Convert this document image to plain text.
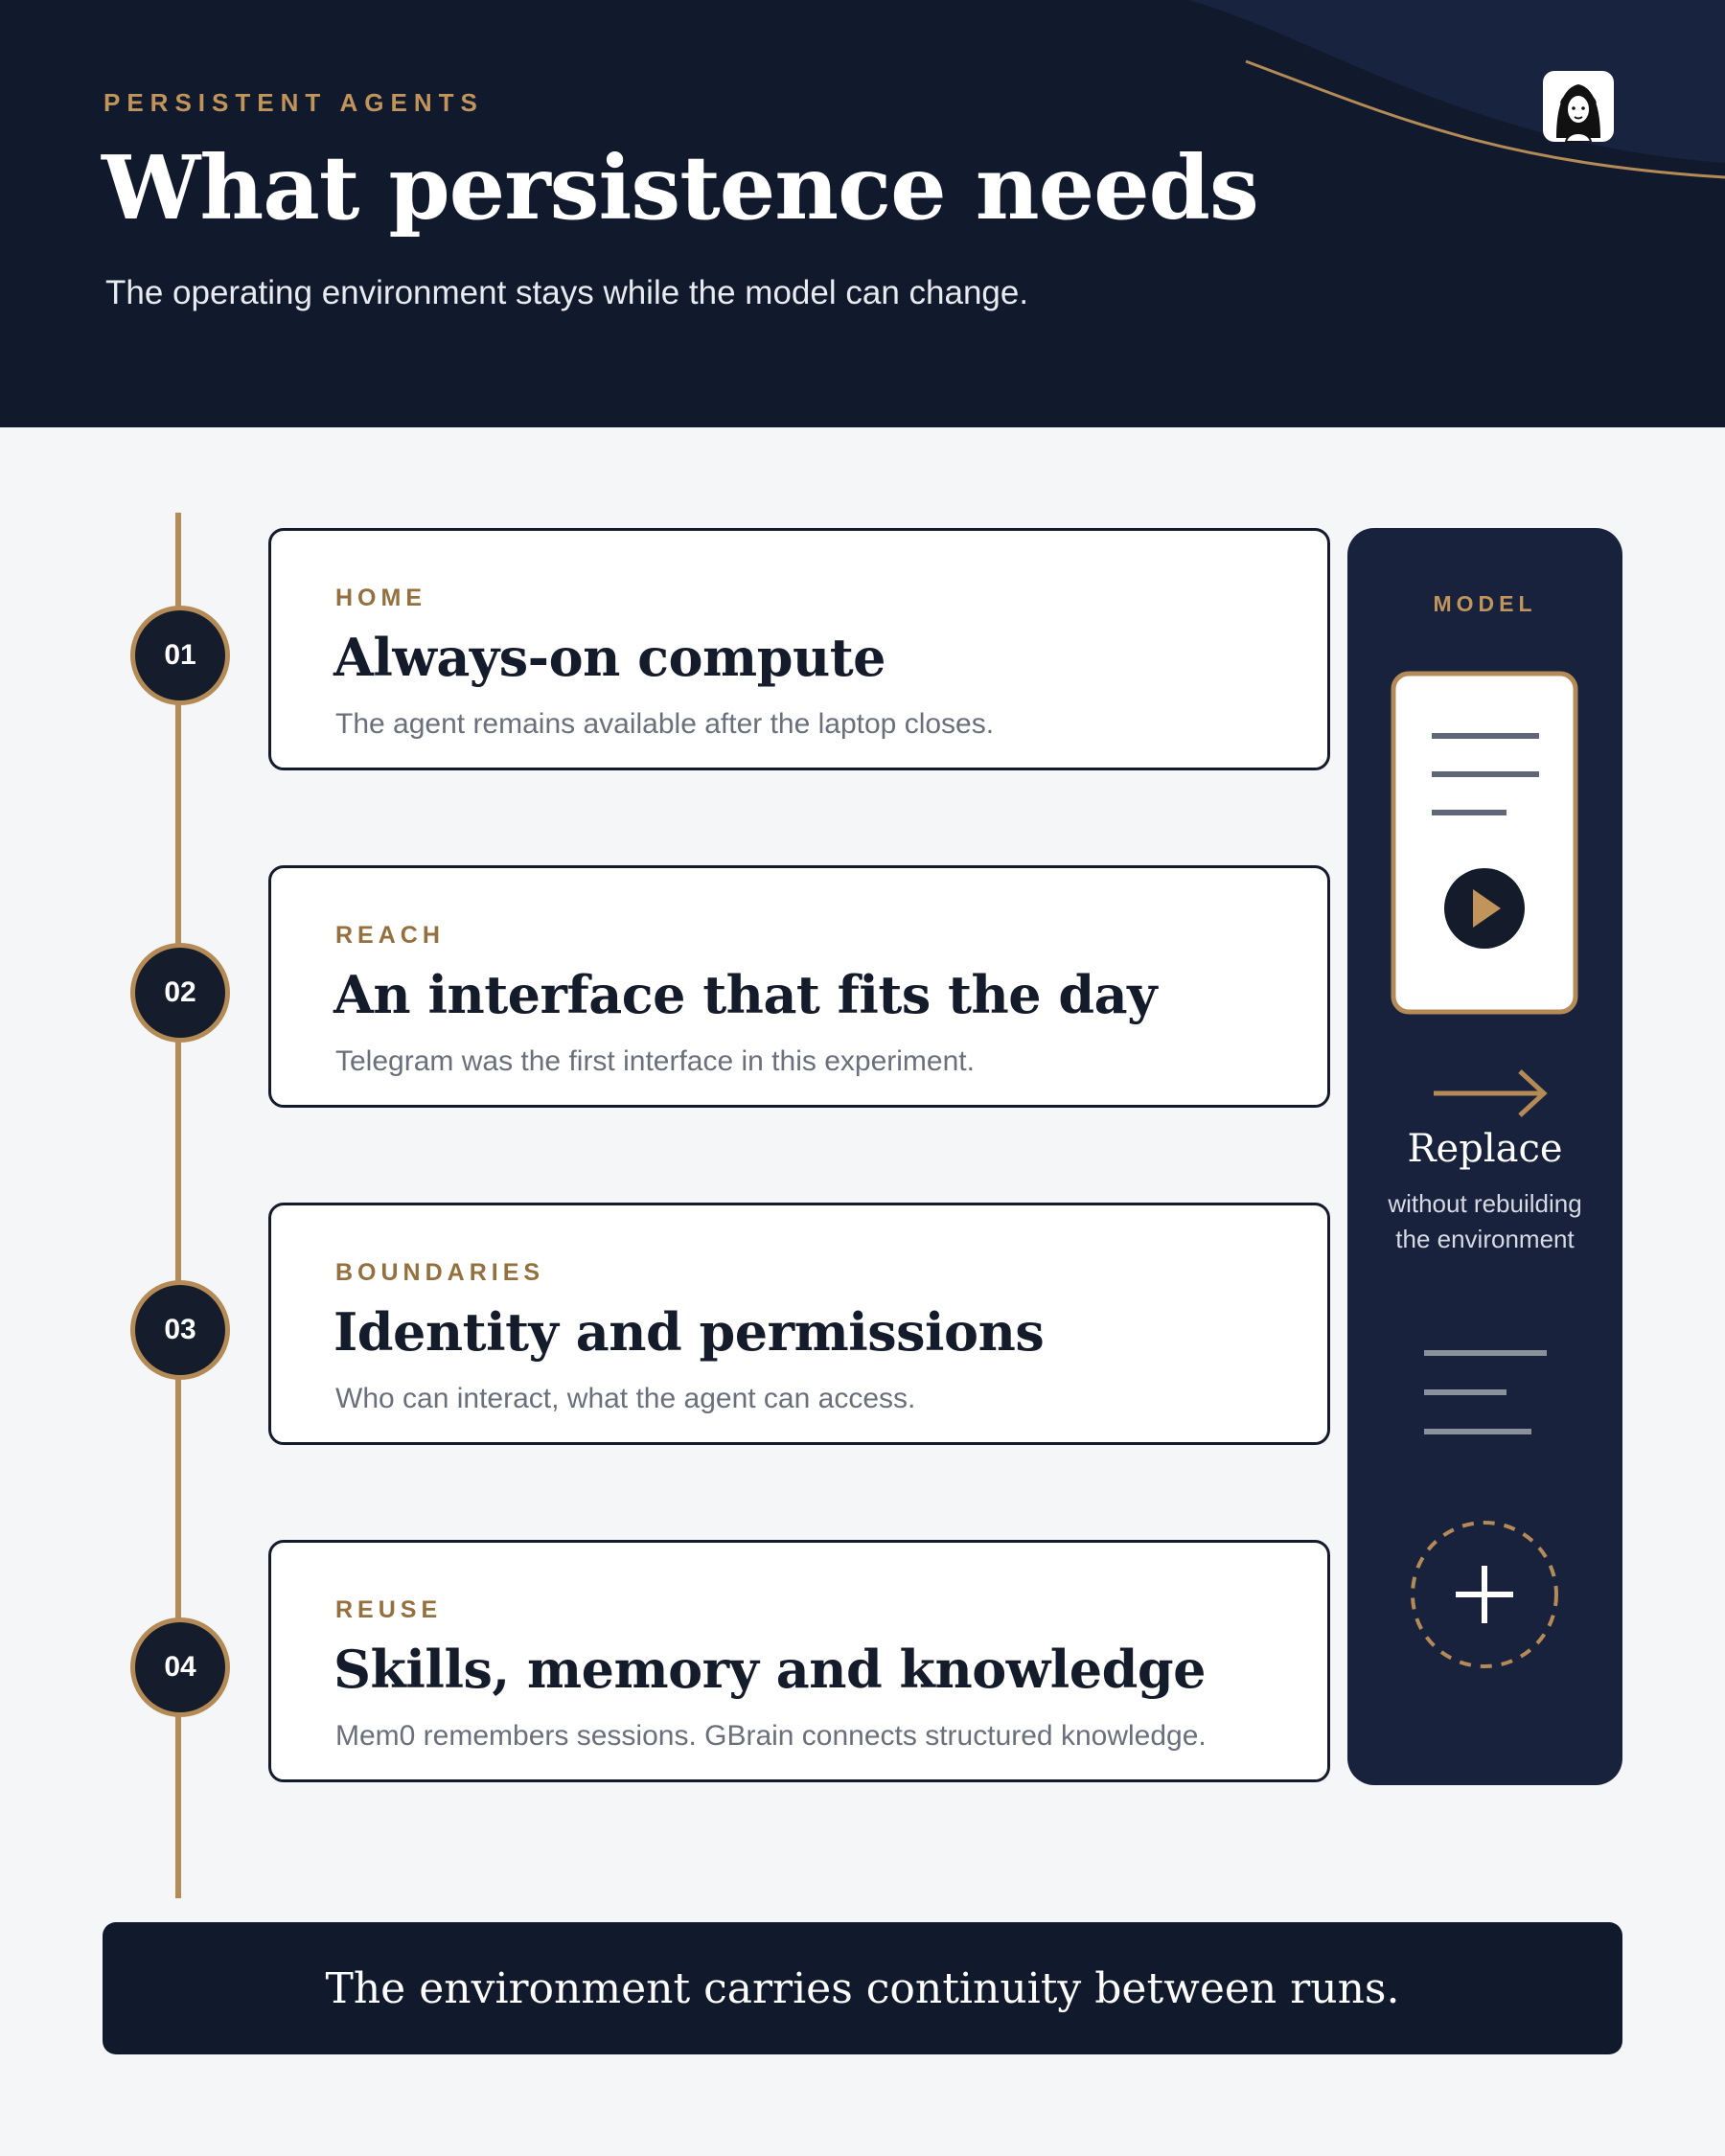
PERSISTENT AGENTS
What persistence needs
The operating environment stays while the model can change.
01
HOME
Always-on compute
The agent remains available after the laptop closes.
02
REACH
An interface that fits the day
Telegram was the first interface in this experiment.
03
BOUNDARIES
Identity and permissions
Who can interact, what the agent can access.
04
REUSE
Skills, memory and knowledge
Mem0 remembers sessions. GBrain connects structured knowledge.
MODEL
Replace
without rebuilding
the environment
The environment carries continuity between runs.
